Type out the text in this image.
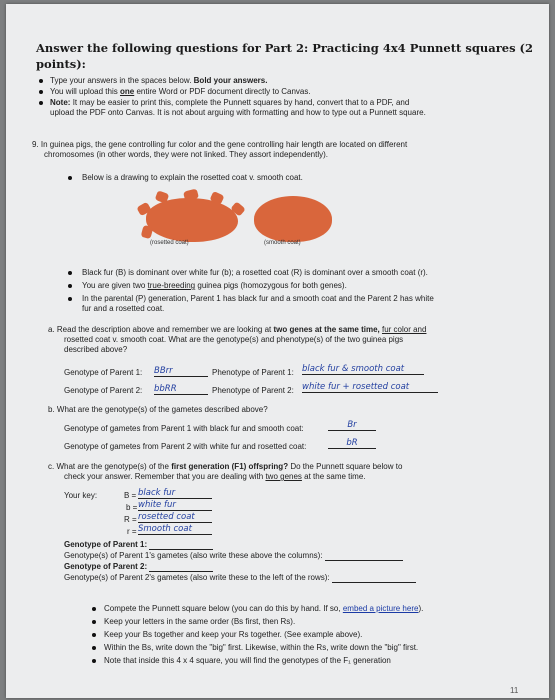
Answer the following questions for Part 2: Practicing 4x4 Punnett squares (2
points):
Type your answers in the spaces below. Bold your answers.
You will upload this one entire Word or PDF document directly to Canvas.
Note: It may be easier to print this, complete the Punnett squares by hand, convert that to a PDF, and
upload the PDF onto Canvas. It is not about arguing with formatting and how to type out a Punnett square.
9. In guinea pigs, the gene controlling fur color and the gene controlling hair length are located on different
chromosomes (in other words, they were not linked. They assort independently).
Below is a drawing to explain the rosetted coat v. smooth coat.
(rosetted coat)	(smooth coat)
Black fur (B) is dominant over white fur (b); a rosetted coat (R) is dominant over a smooth coat (r).
You are given two true-breeding guinea pigs (homozygous for both genes).
In the parental (P) generation, Parent 1 has black fur and a smooth coat and the Parent 2 has white
fur and a rosetted coat.
a. Read the description above and remember we are looking at two genes at the same time, fur color and
rosetted coat v. smooth coat. What are the genotype(s) and phenotype(s) of the two guinea pigs
described above?
Genotype of Parent 1: BBrr	Phenotype of Parent 1: black fur & smooth coat
Genotype of Parent 2: bbRR	Phenotype of Parent 2: white fur + rosetted coat
b. What are the genotype(s) of the gametes described above?
Genotype of gametes from Parent 1 with black fur and smooth coat:	Br
Genotype of gametes from Parent 2 with white fur and rosetted coat:	bR
c. What are the genotype(s) of the first generation (F1) offspring? Do the Punnett square below to
check your answer. Remember that you are dealing with two genes at the same time.
Your key:	B = black fur
b = white fur
R = rosetted coat
r = Smooth coat
Genotype of Parent 1:
Genotype(s) of Parent 1's gametes (also write these above the columns):
Genotype of Parent 2:
Genotype(s) of Parent 2's gametes (also write these to the left of the rows):
Compete the Punnett square below (you can do this by hand. If so, embed a picture here).
Keep your letters in the same order (Bs first, then Rs).
Keep your Bs together and keep your Rs together. (See example above).
Within the Bs, write down the "big" first. Likewise, within the Rs, write down the "big" first.
Note that inside this 4 x 4 square, you will find the genotypes of the F₁ generation
11
